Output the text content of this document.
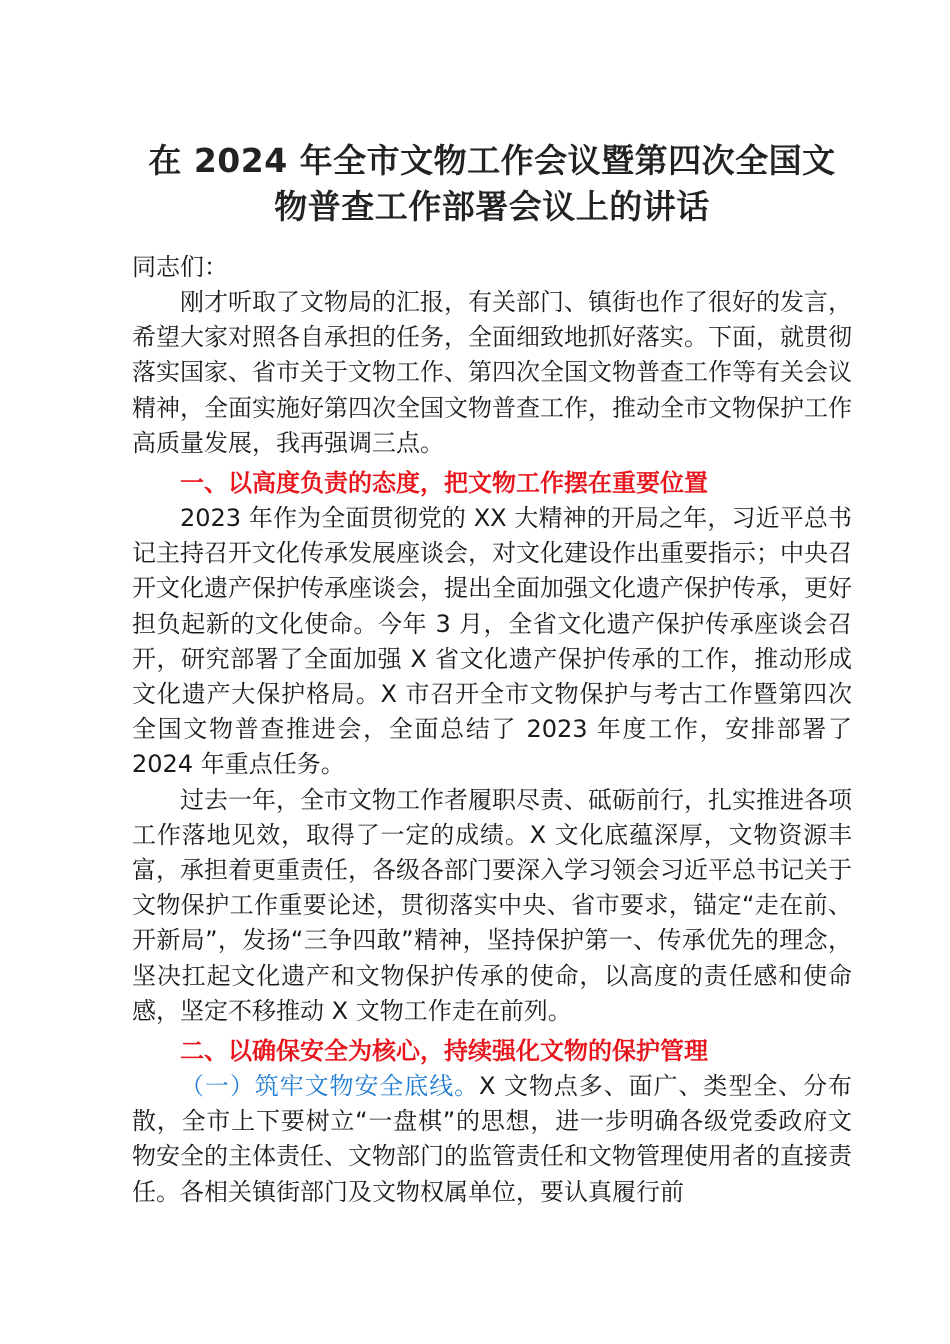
在 2024 年全市文物工作会议暨第四次全国文
物普查工作部署会议上的讲话

同志们：

刚才听取了文物局的汇报，有关部门、镇街也作了很好的发言，希望大家对照各自承担的任务，全面细致地抓好落实。下面，就贯彻落实国家、省市关于文物工作、第四次全国文物普查工作等有关会议精神，全面实施好第四次全国文物普查工作，推动全市文物保护工作高质量发展，我再强调三点。

一、以高度负责的态度，把文物工作摆在重要位置

2023 年作为全面贯彻党的 XX 大精神的开局之年，习近平总书记主持召开文化传承发展座谈会，对文化建设作出重要指示；中央召开文化遗产保护传承座谈会，提出全面加强文化遗产保护传承，更好担负起新的文化使命。今年 3 月，全省文化遗产保护传承座谈会召开，研究部署了全面加强 X 省文化遗产保护传承的工作，推动形成文化遗产大保护格局。X 市召开全市文物保护与考古工作暨第四次全国文物普查推进会，全面总结了 2023 年度工作，安排部署了 2024 年重点任务。

过去一年，全市文物工作者履职尽责、砥砺前行，扎实推进各项工作落地见效，取得了一定的成绩。X 文化底蕴深厚，文物资源丰富，承担着更重责任，各级各部门要深入学习领会习近平总书记关于文物保护工作重要论述，贯彻落实中央、省市要求，锚定“走在前、开新局”，发扬“三争四敢”精神，坚持保护第一、传承优先的理念，坚决扛起文化遗产和文物保护传承的使命，以高度的责任感和使命感，坚定不移推动 X 文物工作走在前列。

二、以确保安全为核心，持续强化文物的保护管理

（一）筑牢文物安全底线。X 文物点多、面广、类型全、分布散，全市上下要树立“一盘棋”的思想，进一步明确各级党委政府文物安全的主体责任、文物部门的监管责任和文物管理使用者的直接责任。各相关镇街部门及文物权属单位，要认真履行前
